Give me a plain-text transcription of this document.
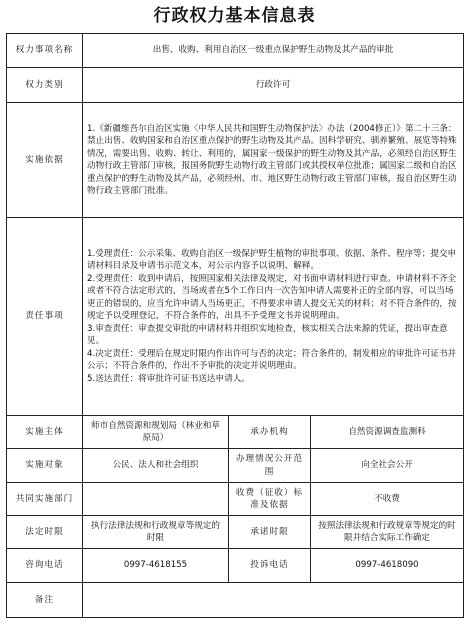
行政权力基本信息表
权力事项名称	出售、收购、利用自治区一级重点保护野生动物及其产品的审批		
权力类别	行政许可		
实施依据	1.《新疆维吾尔自治区实施〈中华人民共和国野生动物保护法〉办法（2004修正）》第二十三条：禁止出售、收购国家和自治区重点保护的野生动物及其产品。因科学研究、驯养繁殖、展览等特殊情况，需要出售、收购、转让、利用的，属国家一级保护的野生动物及其产品，必须经自治区野生动物行政主管部门审核，报国务院野生动物行政主管部门或其授权单位批准；属国家二级和自治区重点保护的野生动物及其产品，必须经州、市、地区野生动物行政主管部门审核，报自治区野生动物行政主管部门批准。		
责任事项	1.受理责任：公示采集、收购自治区一级保护野生植物的审批事项、依据、条件、程序等；提交申请材料目录及申请书示范文本，对公示内容予以说明、解释。
2.受理责任：收到申请后，按照国家相关法律及规定，对书面申请材料进行审查。申请材料不齐全或者不符合法定形式的，当场或者在5个工作日内一次告知申请人需要补正的全部内容，可以当场更正的错误的，应当允许申请人当场更正，不得要求申请人提交无关的材料；对不符合条件的，按规定予以受理登记，不符合条件的，出具不予受理文书并说明理由。
3.审查责任：审查提交审批的申请材料并组织实地检查，核实相关合法来源的凭证，提出审查意见。
4.决定责任：受理后在规定时限内作出许可与否的决定；符合条件的，制发相应的审批许可证书并公示；不符合条件的，作出不予审批的决定并说明理由。
5.送达责任：将审批许可证书送达申请人。		

实施主体	师市自然资源和规划局（林业和草原局）	承办机构	自然资源调查监测科
实施对象	公民、法人和社会组织	办理情况公开范围	向全社会公开
共同实施部门		收费（征收）标准及依据	不收费
法定时限	执行法律法规和行政规章等规定的时限	承诺时限	按照法律法规和行政规章等规定的时限并结合实际工作确定
咨询电话	0997-4618155	投诉电话	0997-4618090
备注			
